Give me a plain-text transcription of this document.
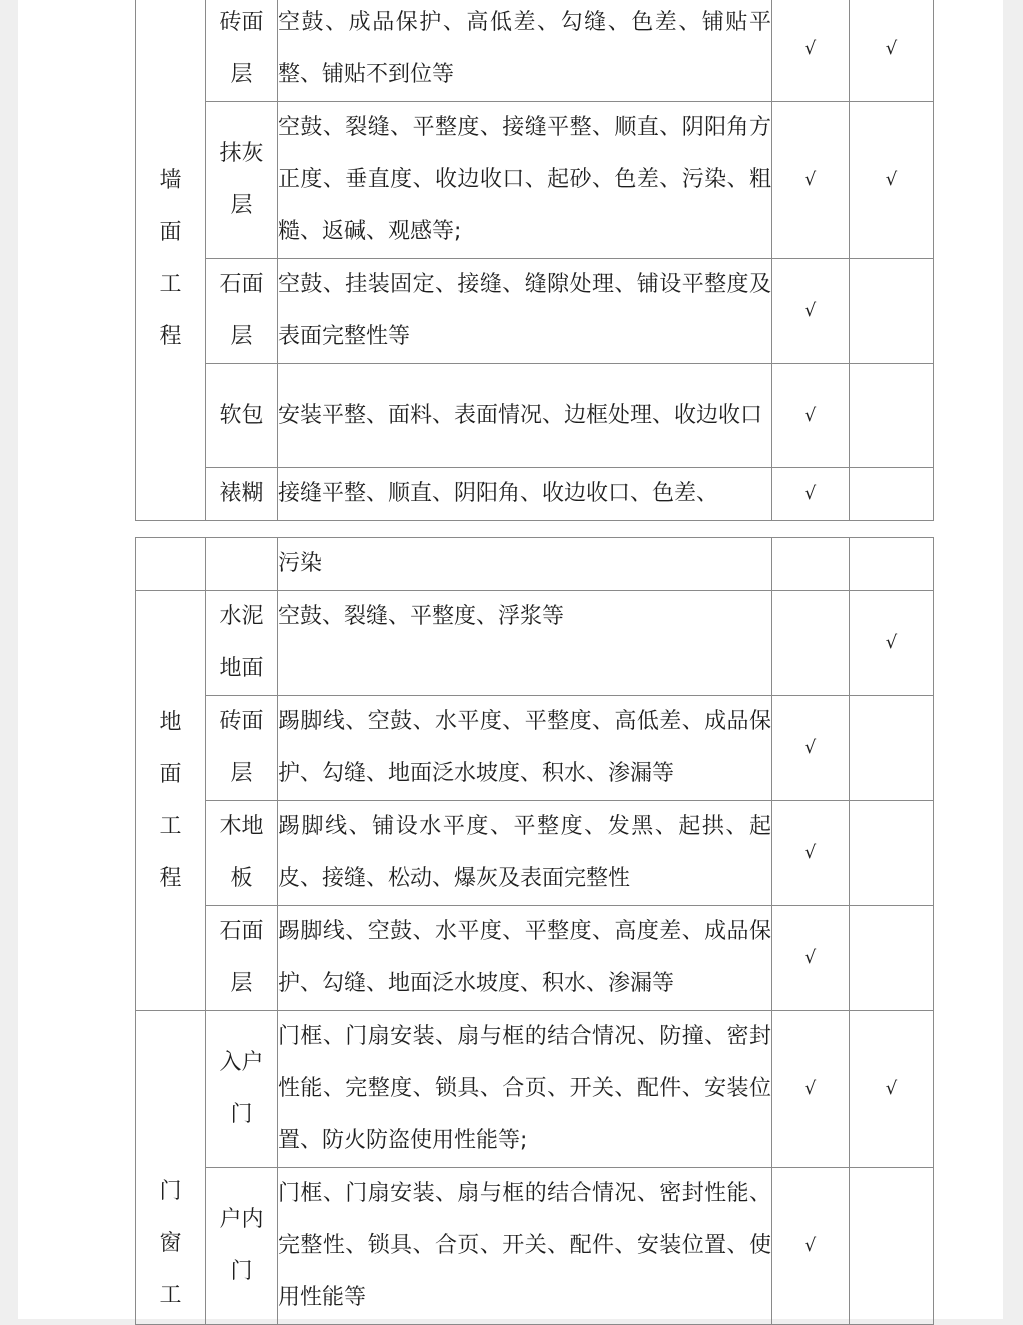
墙面工程	砖面层	空鼓、成品保护、高低差、勾缝、色差、铺贴平整、铺贴不到位等	√	√

	抹灰层	空鼓、裂缝、平整度、接缝平整、顺直、阴阳角方正度、垂直度、收边收口、起砂、色差、污染、粗糙、返碱、观感等;	√	√

	石面层	空鼓、挂装固定、接缝、缝隙处理、铺设平整度及表面完整性等	√	

	软包	安装平整、面料、表面情况、边框处理、收边收口	√	

	裱糊	接缝平整、顺直、阴阳角、收边收口、色差、	√	
		污染		

地面工程	水泥地面	空鼓、裂缝、平整度、浮浆等		√

	砖面层	踢脚线、空鼓、水平度、平整度、高低差、成品保护、勾缝、地面泛水坡度、积水、渗漏等	√	

	木地板	踢脚线、铺设水平度、平整度、发黑、起拱、起皮、接缝、松动、爆灰及表面完整性	√	

	石面层	踢脚线、空鼓、水平度、平整度、高度差、成品保护、勾缝、地面泛水坡度、积水、渗漏等	√	

门窗工	入户门	门框、门扇安装、扇与框的结合情况、防撞、密封性能、完整度、锁具、合页、开关、配件、安装位置、防火防盗使用性能等;	√	√

	户内门	门框、门扇安装、扇与框的结合情况、密封性能、完整性、锁具、合页、开关、配件、安装位置、使用性能等	√	
